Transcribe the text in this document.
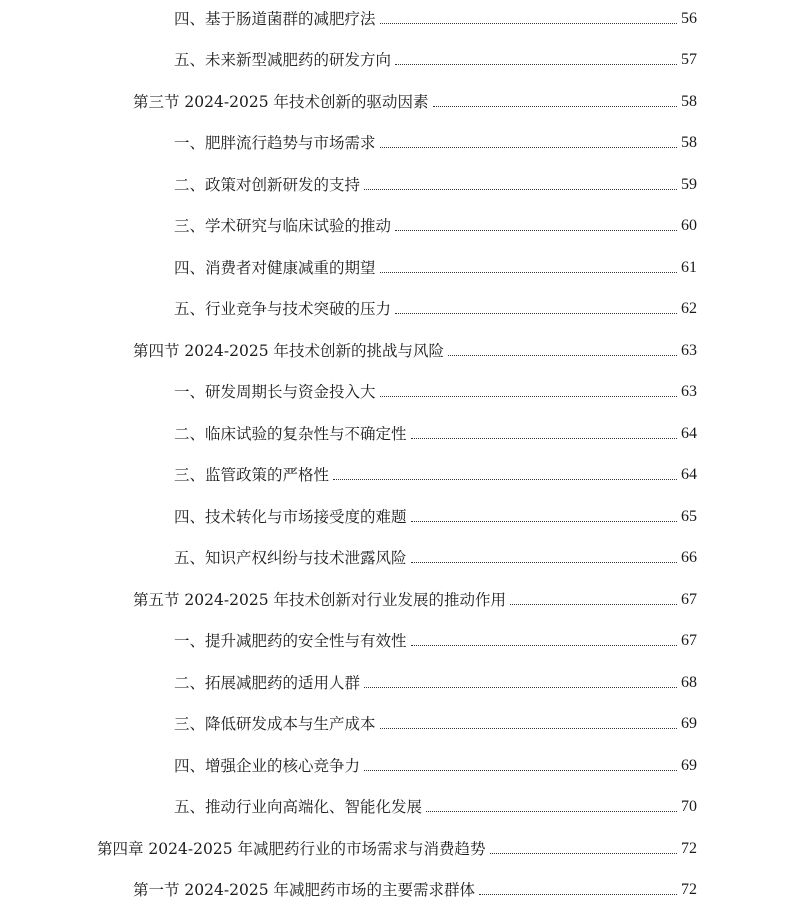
四、基于肠道菌群的减肥疗法	56
五、未来新型减肥药的研发方向	57
第三节 2024-2025 年技术创新的驱动因素	58
一、肥胖流行趋势与市场需求	58
二、政策对创新研发的支持	59
三、学术研究与临床试验的推动	60
四、消费者对健康减重的期望	61
五、行业竞争与技术突破的压力	62
第四节 2024-2025 年技术创新的挑战与风险	63
一、研发周期长与资金投入大	63
二、临床试验的复杂性与不确定性	64
三、监管政策的严格性	64
四、技术转化与市场接受度的难题	65
五、知识产权纠纷与技术泄露风险	66
第五节 2024-2025 年技术创新对行业发展的推动作用	67
一、提升减肥药的安全性与有效性	67
二、拓展减肥药的适用人群	68
三、降低研发成本与生产成本	69
四、增强企业的核心竞争力	69
五、推动行业向高端化、智能化发展	70
第四章 2024-2025 年减肥药行业的市场需求与消费趋势	72
第一节 2024-2025 年减肥药市场的主要需求群体	72
